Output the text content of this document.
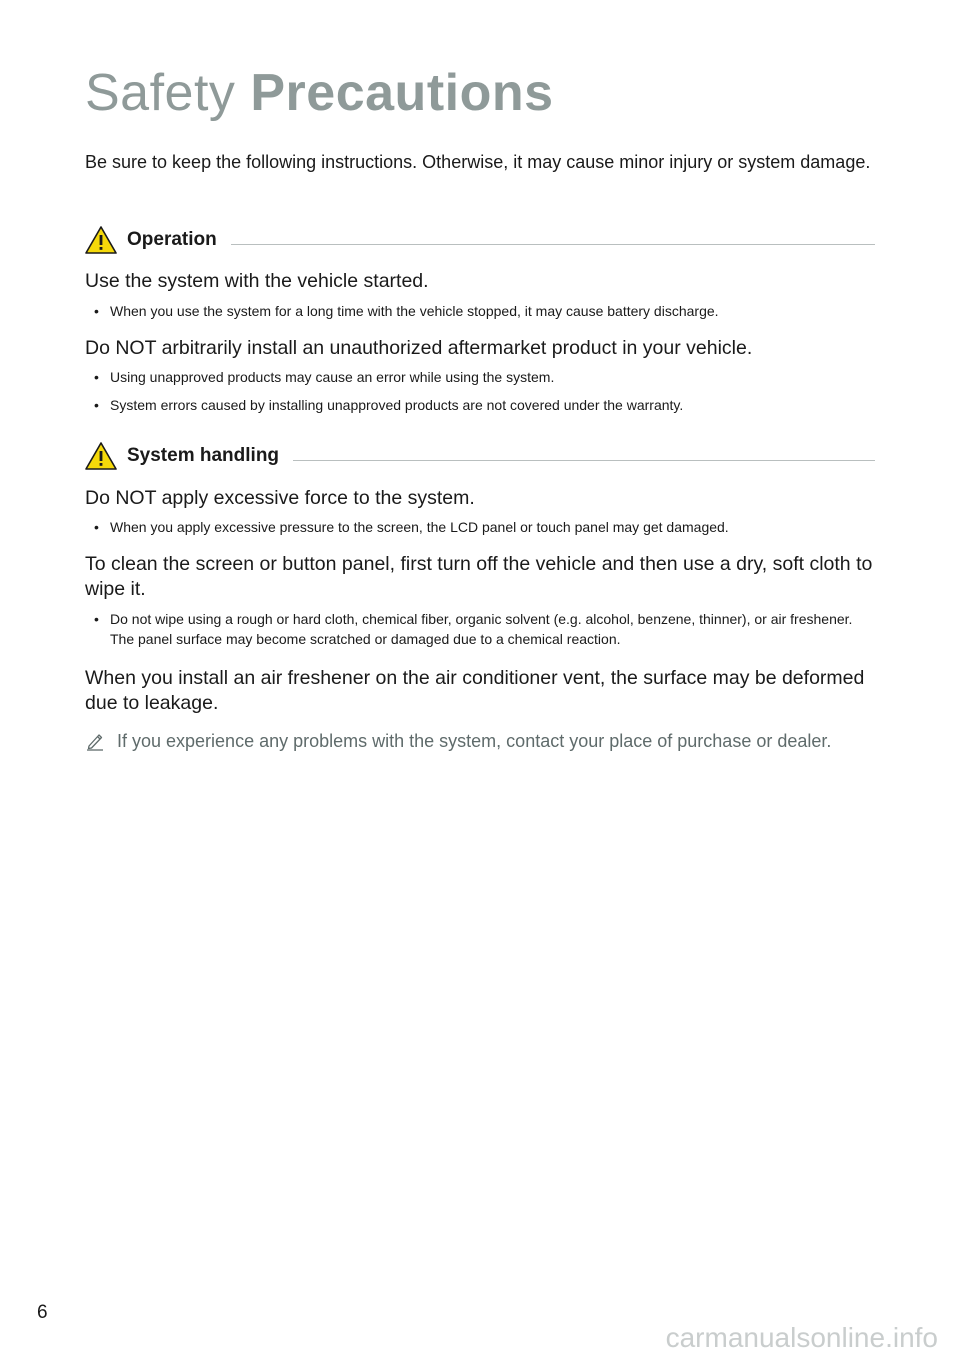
Safety Precautions

Be sure to keep the following instructions. Otherwise, it may cause minor injury or system damage.

Operation
Use the system with the vehicle started.

• When you use the system for a long time with the vehicle stopped, it may cause battery discharge.

Do NOT arbitrarily install an unauthorized aftermarket product in your vehicle.

• Using unapproved products may cause an error while using the system.

• System errors caused by installing unapproved products are not covered under the warranty.

System handling
Do NOT apply excessive force to the system.

• When you apply excessive pressure to the screen, the LCD panel or touch panel may get damaged.

To clean the screen or button panel, first turn off the vehicle and then use a dry, soft cloth to wipe it.

• Do not wipe using a rough or hard cloth, chemical fiber, organic solvent (e.g. alcohol, benzene, thinner), or air freshener. The panel surface may become scratched or damaged due to a chemical reaction.

When you install an air freshener on the air conditioner vent, the surface may be deformed due to leakage.
If you experience any problems with the system, contact your place of purchase or dealer.
6
carmanualsonline.info
